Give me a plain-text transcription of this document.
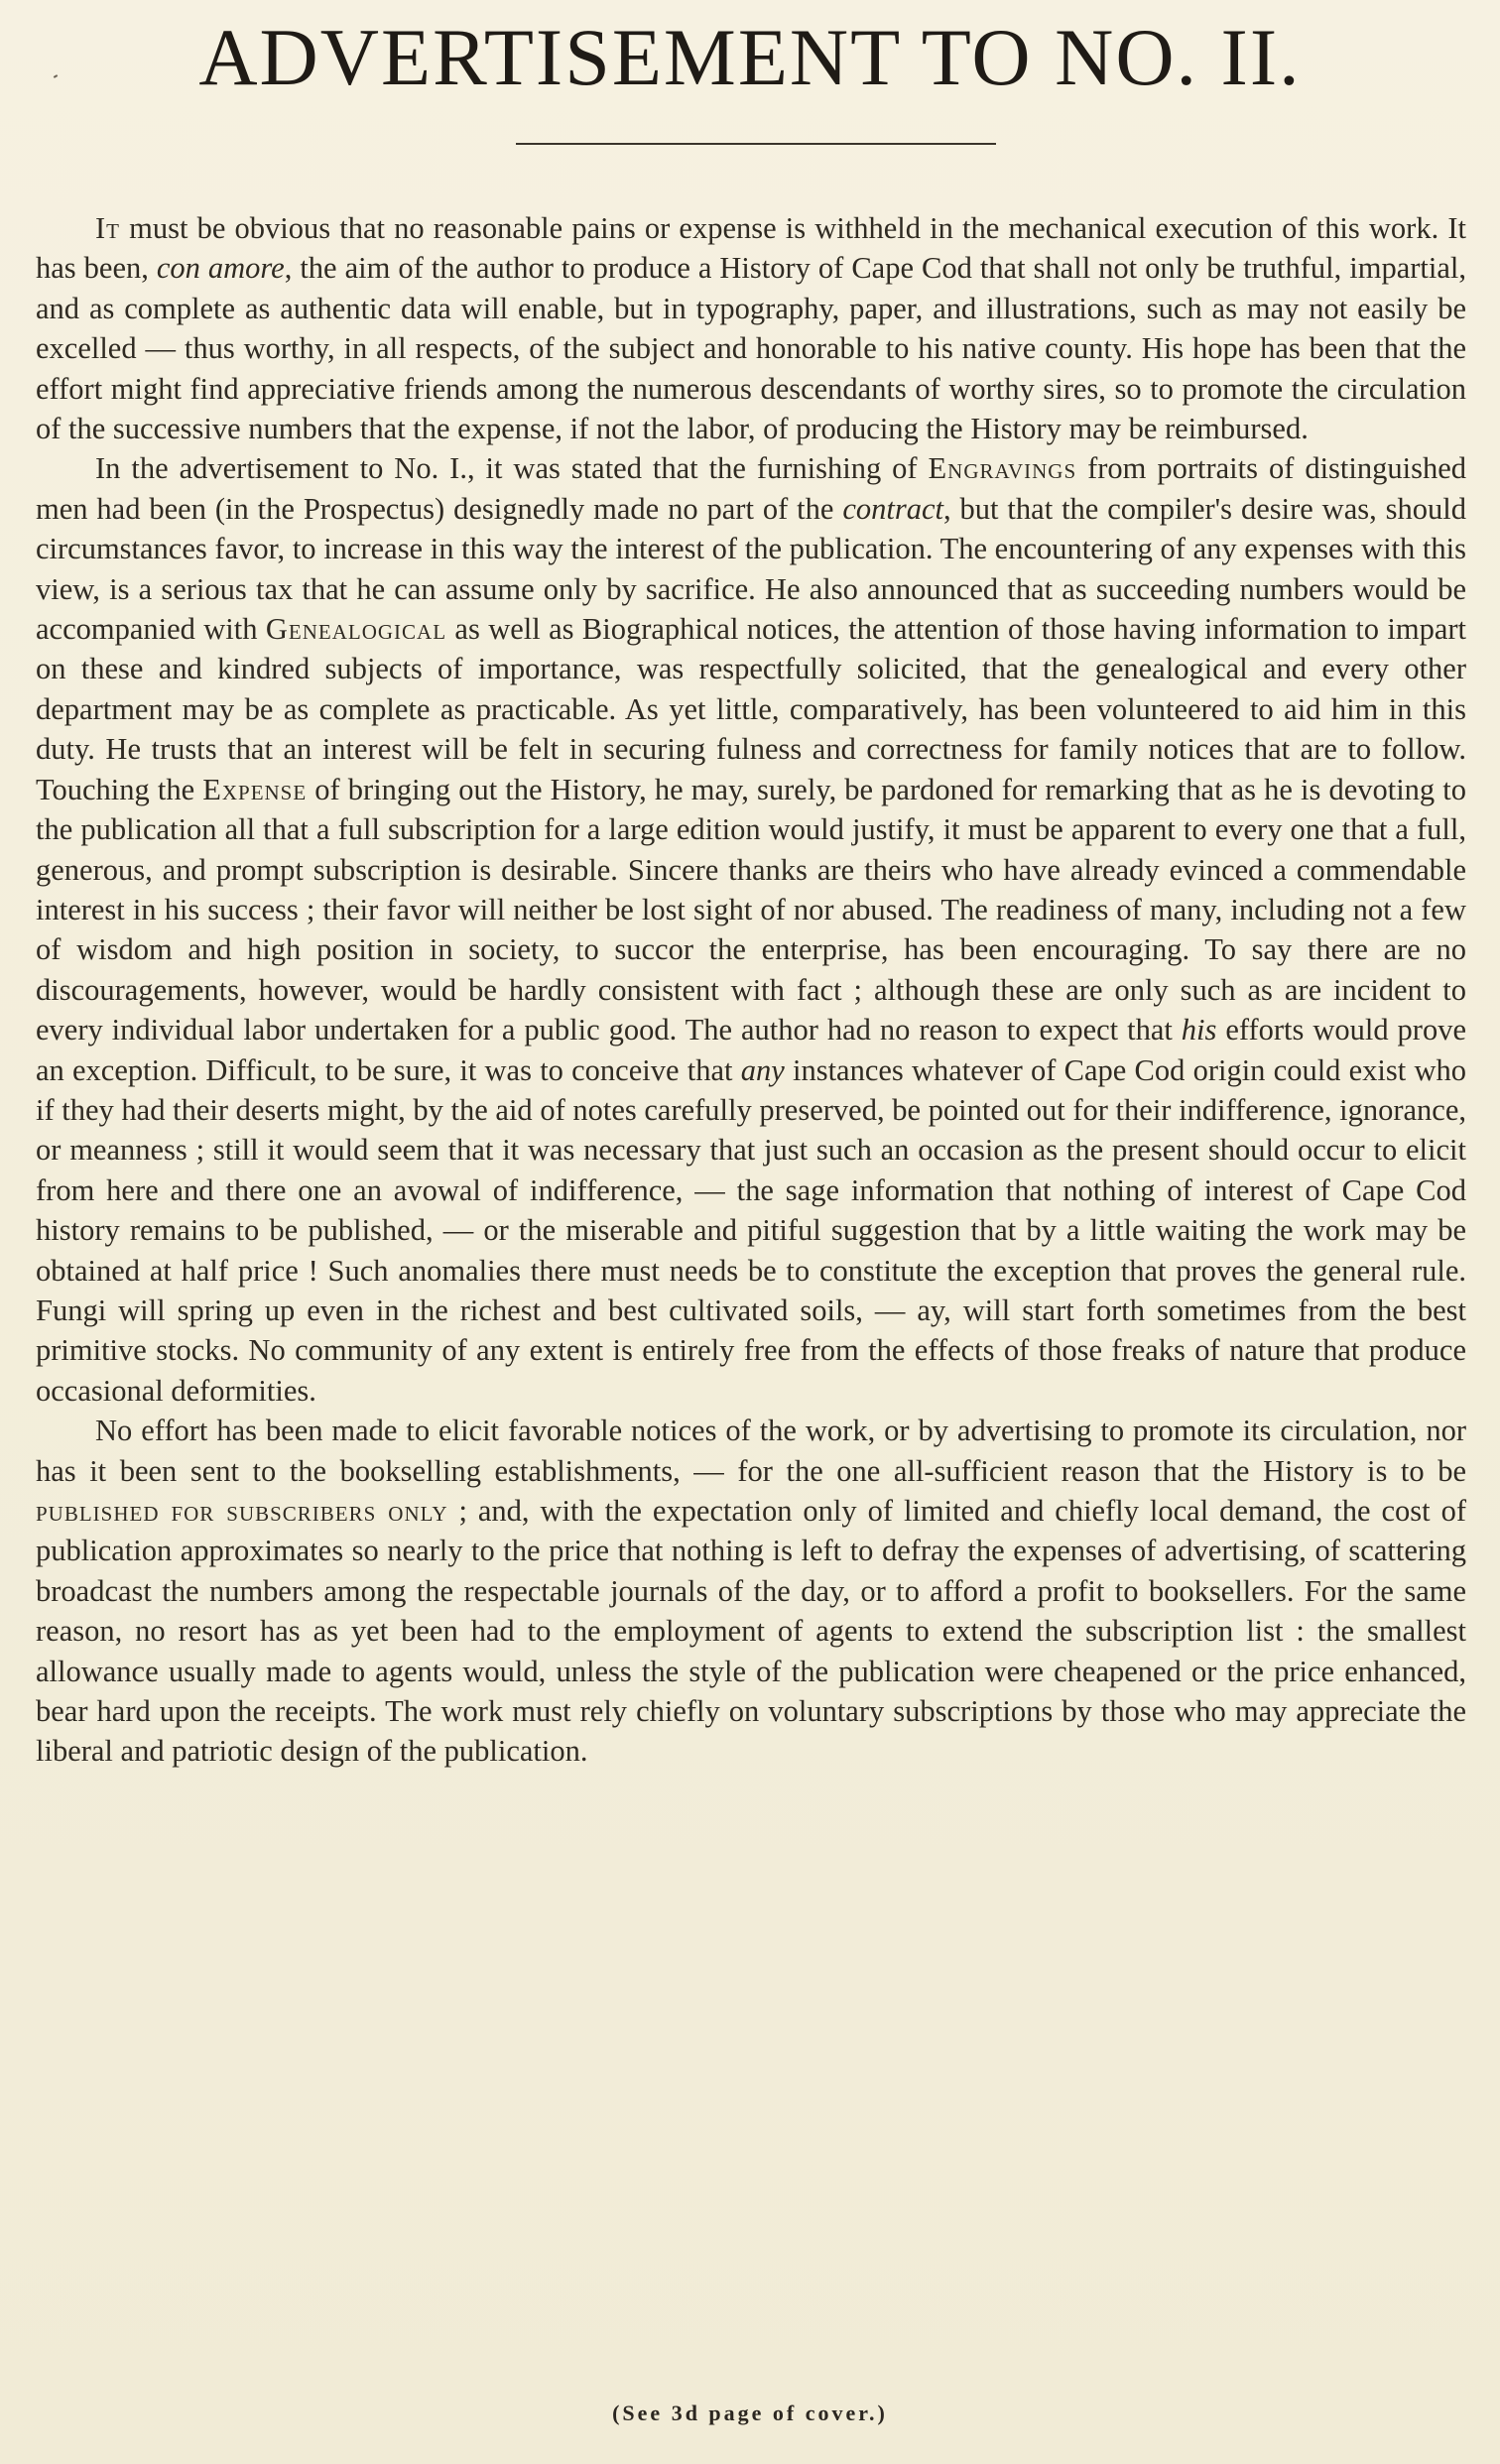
ADVERTISEMENT TO NO. II.

It must be obvious that no reasonable pains or expense is withheld in the mechanical execution of this work. It has been, con amore, the aim of the author to produce a History of Cape Cod that shall not only be truthful, impartial, and as complete as authentic data will enable, but in typography, paper, and illustrations, such as may not easily be excelled — thus worthy, in all respects, of the subject and honorable to his native county. His hope has been that the effort might find appreciative friends among the numerous descendants of worthy sires, so to promote the circulation of the successive numbers that the expense, if not the labor, of producing the History may be reimbursed.

In the advertisement to No. I., it was stated that the furnishing of Engravings from portraits of distinguished men had been (in the Prospectus) designedly made no part of the contract, but that the compiler's desire was, should circumstances favor, to increase in this way the interest of the publication. The encountering of any expenses with this view, is a serious tax that he can assume only by sacrifice. He also announced that as succeeding numbers would be accompanied with Genealogical as well as Biographical notices, the attention of those having information to impart on these and kindred subjects of importance, was respectfully solicited, that the genealogical and every other department may be as complete as practicable. As yet little, comparatively, has been volunteered to aid him in this duty. He trusts that an interest will be felt in securing fulness and correctness for family notices that are to follow. Touching the Expense of bringing out the History, he may, surely, be pardoned for remarking that as he is devoting to the publication all that a full subscription for a large edition would justify, it must be apparent to every one that a full, generous, and prompt subscription is desirable. Sincere thanks are theirs who have already evinced a commendable interest in his success ; their favor will neither be lost sight of nor abused. The readiness of many, including not a few of wisdom and high position in society, to succor the enterprise, has been encouraging. To say there are no discouragements, however, would be hardly consistent with fact ; although these are only such as are incident to every individual labor undertaken for a public good. The author had no reason to expect that his efforts would prove an exception. Difficult, to be sure, it was to conceive that any instances whatever of Cape Cod origin could exist who if they had their deserts might, by the aid of notes carefully preserved, be pointed out for their indifference, ignorance, or meanness ; still it would seem that it was necessary that just such an occasion as the present should occur to elicit from here and there one an avowal of indifference, — the sage information that nothing of interest of Cape Cod history remains to be published, — or the miserable and pitiful suggestion that by a little waiting the work may be obtained at half price ! Such anomalies there must needs be to constitute the exception that proves the general rule. Fungi will spring up even in the richest and best cultivated soils, — ay, will start forth sometimes from the best primitive stocks. No community of any extent is entirely free from the effects of those freaks of nature that produce occasional deformities.

No effort has been made to elicit favorable notices of the work, or by advertising to promote its circulation, nor has it been sent to the bookselling establishments, — for the one all-sufficient reason that the History is to be published for subscribers only ; and, with the expectation only of limited and chiefly local demand, the cost of publication approximates so nearly to the price that nothing is left to defray the expenses of advertising, of scattering broadcast the numbers among the respectable journals of the day, or to afford a profit to booksellers. For the same reason, no resort has as yet been had to the employment of agents to extend the subscription list : the smallest allowance usually made to agents would, unless the style of the publication were cheapened or the price enhanced, bear hard upon the receipts. The work must rely chiefly on voluntary subscriptions by those who may appreciate the liberal and patriotic design of the publication.

(See 3d page of cover.)
